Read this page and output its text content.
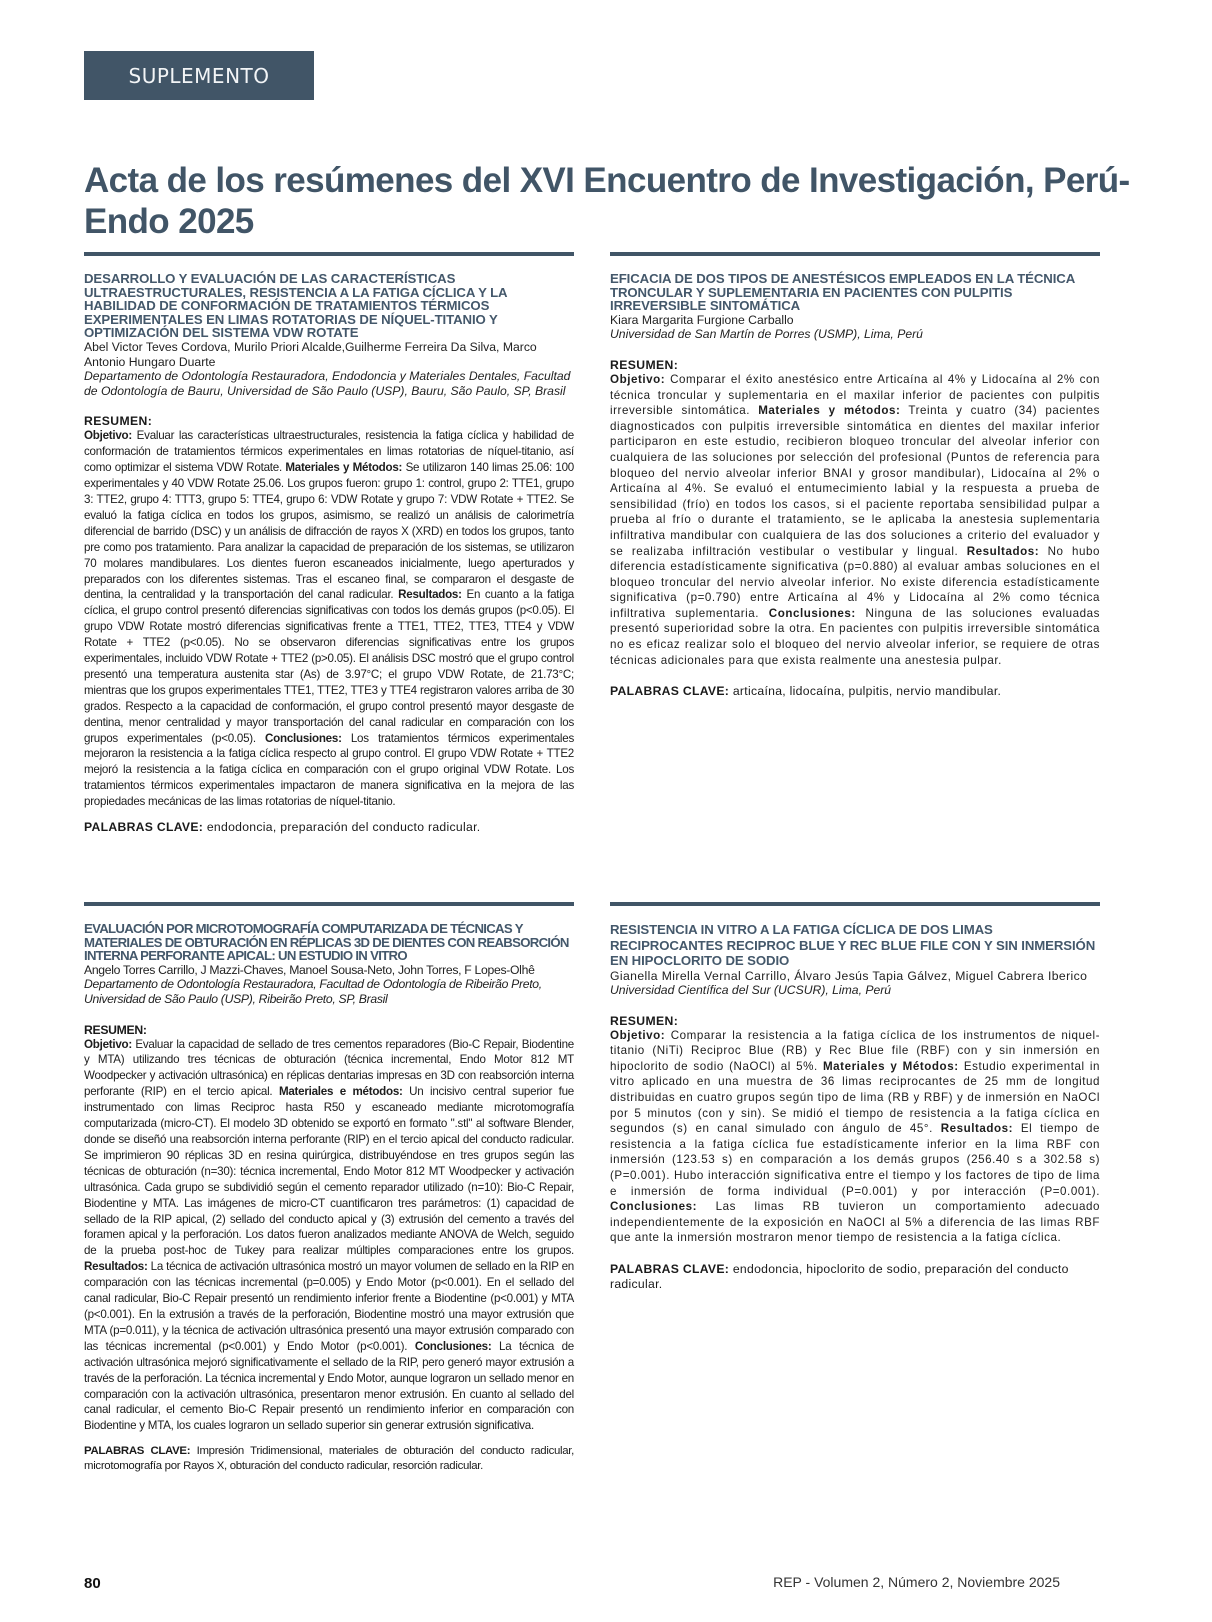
SUPLEMENTO
Acta de los resúmenes del XVI Encuentro de Investigación, Perú-Endo 2025
DESARROLLO Y EVALUACIÓN DE LAS CARACTERÍSTICAS ULTRAESTRUCTURALES, RESISTENCIA A LA FATIGA CÍCLICA Y LA HABILIDAD DE CONFORMACIÓN DE TRATAMIENTOS TÉRMICOS EXPERIMENTALES EN LIMAS ROTATORIAS DE NÍQUEL-TITANIO Y OPTIMIZACIÓN DEL SISTEMA VDW ROTATE

Abel Victor Teves Cordova, Murilo Priori Alcalde,Guilherme Ferreira Da Silva, Marco Antonio Hungaro Duarte

Departamento de Odontología Restauradora, Endodoncia y Materiales Dentales, Facultad de Odontología de Bauru, Universidad de São Paulo (USP), Bauru, São Paulo, SP, Brasil

RESUMEN:

Objetivo: Evaluar las características ultraestructurales, resistencia la fatiga cíclica y habilidad de conformación de tratamientos térmicos experimentales en limas rotatorias de níquel-titanio, así como optimizar el sistema VDW Rotate. Materiales y Métodos: Se utilizaron 140 limas 25.06: 100 experimentales y 40 VDW Rotate 25.06. Los grupos fueron: grupo 1: control, grupo 2: TTE1, grupo 3: TTE2, grupo 4: TTT3, grupo 5: TTE4, grupo 6: VDW Rotate y grupo 7: VDW Rotate + TTE2. Se evaluó la fatiga cíclica en todos los grupos, asimismo, se realizó un análisis de calorimetría diferencial de barrido (DSC) y un análisis de difracción de rayos X (XRD) en todos los grupos, tanto pre como pos tratamiento. Para analizar la capacidad de preparación de los sistemas, se utilizaron 70 molares mandibulares. Los dientes fueron escaneados inicialmente, luego aperturados y preparados con los diferentes sistemas. Tras el escaneo final, se compararon el desgaste de dentina, la centralidad y la transportación del canal radicular. Resultados: En cuanto a la fatiga cíclica, el grupo control presentó diferencias significativas con todos los demás grupos (p<0.05). El grupo VDW Rotate mostró diferencias significativas frente a TTE1, TTE2, TTE3, TTE4 y VDW Rotate + TTE2 (p<0.05). No se observaron diferencias significativas entre los grupos experimentales, incluido VDW Rotate + TTE2 (p>0.05). El análisis DSC mostró que el grupo control presentó una temperatura austenita star (As) de 3.97°C; el grupo VDW Rotate, de 21.73°C; mientras que los grupos experimentales TTE1, TTE2, TTE3 y TTE4 registraron valores arriba de 30 grados. Respecto a la capacidad de conformación, el grupo control presentó mayor desgaste de dentina, menor centralidad y mayor transportación del canal radicular en comparación con los grupos experimentales (p<0.05). Conclusiones: Los tratamientos térmicos experimentales mejoraron la resistencia a la fatiga cíclica respecto al grupo control. El grupo VDW Rotate + TTE2 mejoró la resistencia a la fatiga cíclica en comparación con el grupo original VDW Rotate. Los tratamientos térmicos experimentales impactaron de manera significativa en la mejora de las propiedades mecánicas de las limas rotatorias de níquel-titanio.

PALABRAS CLAVE: endodoncia, preparación del conducto radicular.

EFICACIA DE DOS TIPOS DE ANESTÉSICOS EMPLEADOS EN LA TÉCNICA TRONCULAR Y SUPLEMENTARIA EN PACIENTES CON PULPITIS IRREVERSIBLE SINTOMÁTICA

Kiara Margarita Furgione Carballo

Universidad de San Martín de Porres (USMP), Lima, Perú

RESUMEN:

Objetivo: Comparar el éxito anestésico entre Articaína al 4% y Lidocaína al 2% con técnica troncular y suplementaria en el maxilar inferior de pacientes con pulpitis irreversible sintomática. Materiales y métodos: Treinta y cuatro (34) pacientes diagnosticados con pulpitis irreversible sintomática en dientes del maxilar inferior participaron en este estudio, recibieron bloqueo troncular del alveolar inferior con cualquiera de las soluciones por selección del profesional (Puntos de referencia para bloqueo del nervio alveolar inferior BNAI y grosor mandibular), Lidocaína al 2% o Articaína al 4%. Se evaluó el entumecimiento labial y la respuesta a prueba de sensibilidad (frío) en todos los casos, si el paciente reportaba sensibilidad pulpar a prueba al frío o durante el tratamiento, se le aplicaba la anestesia suplementaria infiltrativa mandibular con cualquiera de las dos soluciones a criterio del evaluador y se realizaba infiltración vestibular o vestibular y lingual. Resultados: No hubo diferencia estadísticamente significativa (p=0.880) al evaluar ambas soluciones en el bloqueo troncular del nervio alveolar inferior. No existe diferencia estadísticamente significativa (p=0.790) entre Articaína al 4% y Lidocaína al 2% como técnica infiltrativa suplementaria. Conclusiones: Ninguna de las soluciones evaluadas presentó superioridad sobre la otra. En pacientes con pulpitis irreversible sintomática no es eficaz realizar solo el bloqueo del nervio alveolar inferior, se requiere de otras técnicas adicionales para que exista realmente una anestesia pulpar.

PALABRAS CLAVE: articaína, lidocaína, pulpitis, nervio mandibular.

EVALUACIÓN POR MICROTOMOGRAFÍA COMPUTARIZADA DE TÉCNICAS Y MATERIALES DE OBTURACIÓN EN RÉPLICAS 3D DE DIENTES CON REABSORCIÓN INTERNA PERFORANTE APICAL: UN ESTUDIO IN VITRO

Angelo Torres Carrillo, J Mazzi-Chaves, Manoel Sousa-Neto, John Torres, F Lopes-Olhê

Departamento de Odontología Restauradora, Facultad de Odontología de Ribeirão Preto, Universidad de São Paulo (USP), Ribeirão Preto, SP, Brasil

RESUMEN:

Objetivo: Evaluar la capacidad de sellado de tres cementos reparadores (Bio-C Repair, Biodentine y MTA) utilizando tres técnicas de obturación (técnica incremental, Endo Motor 812 MT Woodpecker y activación ultrasónica) en réplicas dentarias impresas en 3D con reabsorción interna perforante (RIP) en el tercio apical. Materiales e métodos: Un incisivo central superior fue instrumentado con limas Reciproc hasta R50 y escaneado mediante microtomografía computarizada (micro-CT). El modelo 3D obtenido se exportó en formato ".stl" al software Blender, donde se diseñó una reabsorción interna perforante (RIP) en el tercio apical del conducto radicular. Se imprimieron 90 réplicas 3D en resina quirúrgica, distribuyéndose en tres grupos según las técnicas de obturación (n=30): técnica incremental, Endo Motor 812 MT Woodpecker y activación ultrasónica. Cada grupo se subdividió según el cemento reparador utilizado (n=10): Bio-C Repair, Biodentine y MTA. Las imágenes de micro-CT cuantificaron tres parámetros: (1) capacidad de sellado de la RIP apical, (2) sellado del conducto apical y (3) extrusión del cemento a través del foramen apical y la perforación. Los datos fueron analizados mediante ANOVA de Welch, seguido de la prueba post-hoc de Tukey para realizar múltiples comparaciones entre los grupos. Resultados: La técnica de activación ultrasónica mostró un mayor volumen de sellado en la RIP en comparación con las técnicas incremental (p=0.005) y Endo Motor (p<0.001). En el sellado del canal radicular, Bio-C Repair presentó un rendimiento inferior frente a Biodentine (p<0.001) y MTA (p<0.001). En la extrusión a través de la perforación, Biodentine mostró una mayor extrusión que MTA (p=0.011), y la técnica de activación ultrasónica presentó una mayor extrusión comparado con las técnicas incremental (p<0.001) y Endo Motor (p<0.001). Conclusiones: La técnica de activación ultrasónica mejoró significativamente el sellado de la RIP, pero generó mayor extrusión a través de la perforación. La técnica incremental y Endo Motor, aunque lograron un sellado menor en comparación con la activación ultrasónica, presentaron menor extrusión. En cuanto al sellado del canal radicular, el cemento Bio-C Repair presentó un rendimiento inferior en comparación con Biodentine y MTA, los cuales lograron un sellado superior sin generar extrusión significativa.

PALABRAS CLAVE: Impresión Tridimensional, materiales de obturación del conducto radicular, microtomografía por Rayos X, obturación del conducto radicular, resorción radicular.

RESISTENCIA IN VITRO A LA FATIGA CÍCLICA DE DOS LIMAS RECIPROCANTES RECIPROC BLUE Y REC BLUE FILE CON Y SIN INMERSIÓN EN HIPOCLORITO DE SODIO

Gianella Mirella Vernal Carrillo, Álvaro Jesús Tapia Gálvez, Miguel Cabrera Iberico

Universidad Científica del Sur (UCSUR), Lima, Perú

RESUMEN:

Objetivo: Comparar la resistencia a la fatiga cíclica de los instrumentos de niquel-titanio (NiTi) Reciproc Blue (RB) y Rec Blue file (RBF) con y sin inmersión en hipoclorito de sodio (NaOCl) al 5%. Materiales y Métodos: Estudio experimental in vitro aplicado en una muestra de 36 limas reciprocantes de 25 mm de longitud distribuidas en cuatro grupos según tipo de lima (RB y RBF) y de inmersión en NaOCl por 5 minutos (con y sin). Se midió el tiempo de resistencia a la fatiga cíclica en segundos (s) en canal simulado con ángulo de 45°. Resultados: El tiempo de resistencia a la fatiga cíclica fue estadísticamente inferior en la lima RBF con inmersión (123.53 s) en comparación a los demás grupos (256.40 s a 302.58 s) (P=0.001). Hubo interacción significativa entre el tiempo y los factores de tipo de lima e inmersión de forma individual (P=0.001) y por interacción (P=0.001). Conclusiones: Las limas RB tuvieron un comportamiento adecuado independientemente de la exposición en NaOCl al 5% a diferencia de las limas RBF que ante la inmersión mostraron menor tiempo de resistencia a la fatiga cíclica.

PALABRAS CLAVE: endodoncia, hipoclorito de sodio, preparación del conducto radicular.

80	REP - Volumen 2, Número 2, Noviembre 2025
